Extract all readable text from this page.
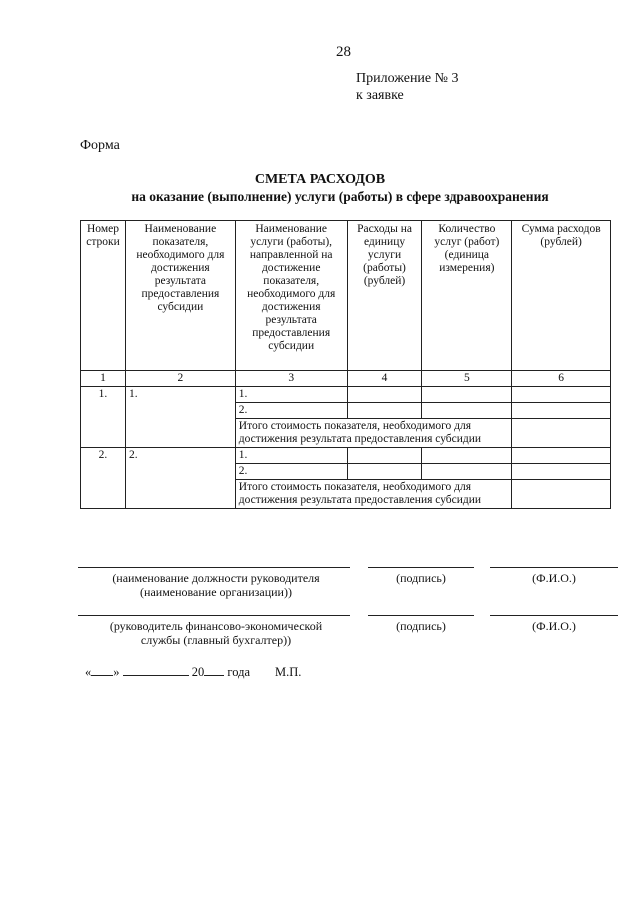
28
Приложение № 3
к заявке
Форма
СМЕТА РАСХОДОВ
на оказание (выполнение) услуги (работы) в сфере здравоохранения
Номер строки	Наименование показателя, необходимого для достижения результата предоставления субсидии	Наименование услуги (работы), направленной на достижение показателя, необходимого для достижения результата предоставления субсидии	Расходы на единицу услуги (работы) (рублей)	Количество услуг (работ) (единица измерения)	Сумма расходов (рублей)
1	2	3	4	5	6
1.	1.	1.			
		2.			
		Итого стоимость показателя, необходимого для достижения результата предоставления субсидии			
2.	2.	1.			
		2.			
		Итого стоимость показателя, необходимого для достижения результата предоставления субсидии			
(наименование должности руководителя
(наименование организации))
(подпись)	(Ф.И.О.)
(руководитель финансово-экономической
службы (главный бухгалтер))
(подпись)	(Ф.И.О.)
« »	20 года М.П.
